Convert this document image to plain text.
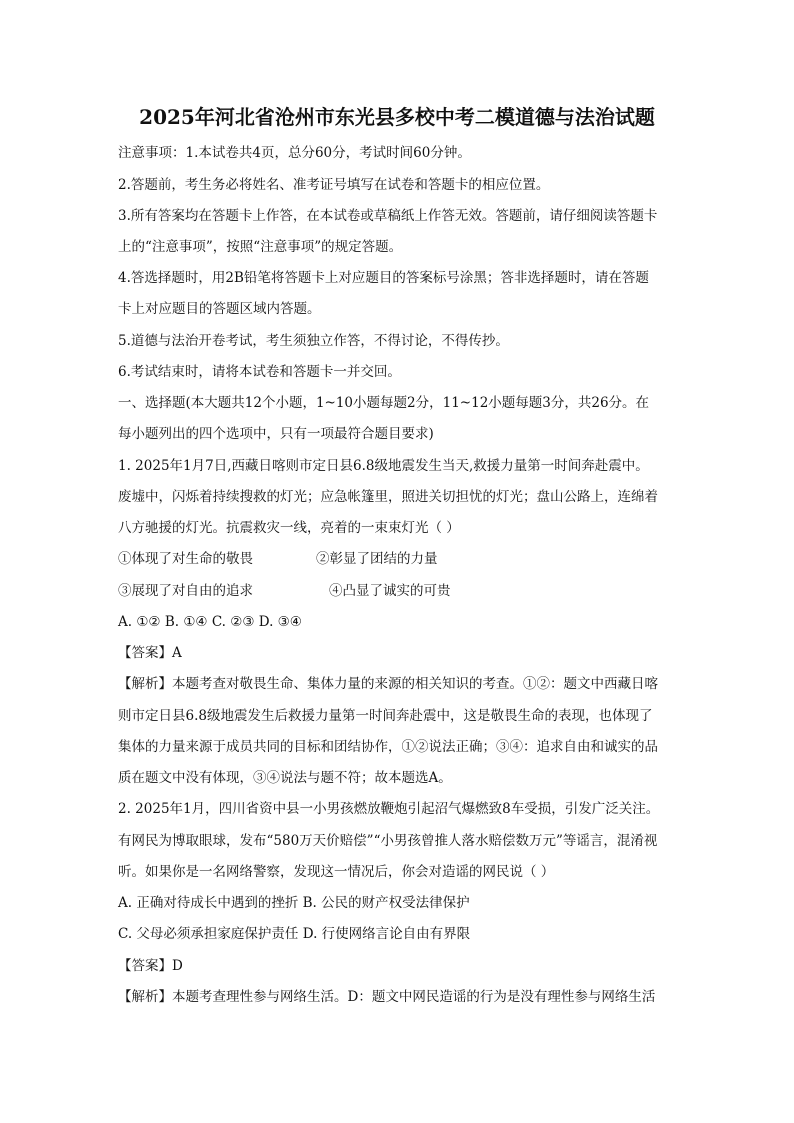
2025年河北省沧州市东光县多校中考二模道德与法治试题
注意事项：1.本试卷共4页，总分60分，考试时间60分钟。
2.答题前，考生务必将姓名、准考证号填写在试卷和答题卡的相应位置。
3.所有答案均在答题卡上作答，在本试卷或草稿纸上作答无效。答题前，请仔细阅读答题卡
上的“注意事项”，按照“注意事项”的规定答题。
4.答选择题时，用2B铅笔将答题卡上对应题目的答案标号涂黑；答非选择题时，请在答题
卡上对应题目的答题区域内答题。
5.道德与法治开卷考试，考生须独立作答，不得讨论，不得传抄。
6.考试结束时，请将本试卷和答题卡一并交回。
一、选择题(本大题共12个小题，1~10小题每题2分，11~12小题每题3分，共26分。在
每小题列出的四个选项中，只有一项最符合题目要求)
1. 2025年1月7日,西藏日喀则市定日县6.8级地震发生当天,救援力量第一时间奔赴震中。
废墟中，闪烁着持续搜救的灯光；应急帐篷里，照进关切担忧的灯光；盘山公路上，连绵着
八方驰援的灯光。抗震救灾一线，亮着的一束束灯光（ ）
①体现了对生命的敬畏	②彰显了团结的力量
③展现了对自由的追求	④凸显了诚实的可贵
A. ①② B. ①④ C. ②③ D. ③④
【答案】A
【解析】本题考查对敬畏生命、集体力量的来源的相关知识的考查。①②：题文中西藏日喀
则市定日县6.8级地震发生后救援力量第一时间奔赴震中，这是敬畏生命的表现，也体现了
集体的力量来源于成员共同的目标和团结协作，①②说法正确；③④：追求自由和诚实的品
质在题文中没有体现，③④说法与题不符；故本题选A。
2. 2025年1月，四川省资中县一小男孩燃放鞭炮引起沼气爆燃致8车受损，引发广泛关注。
有网民为博取眼球，发布“580万天价赔偿”“小男孩曾推人落水赔偿数万元”等谣言，混淆视
听。如果你是一名网络警察，发现这一情况后，你会对造谣的网民说（ ）
A. 正确对待成长中遇到的挫折 B. 公民的财产权受法律保护
C. 父母必须承担家庭保护责任 D. 行使网络言论自由有界限
【答案】D
【解析】本题考查理性参与网络生活。D：题文中网民造谣的行为是没有理性参与网络生活
